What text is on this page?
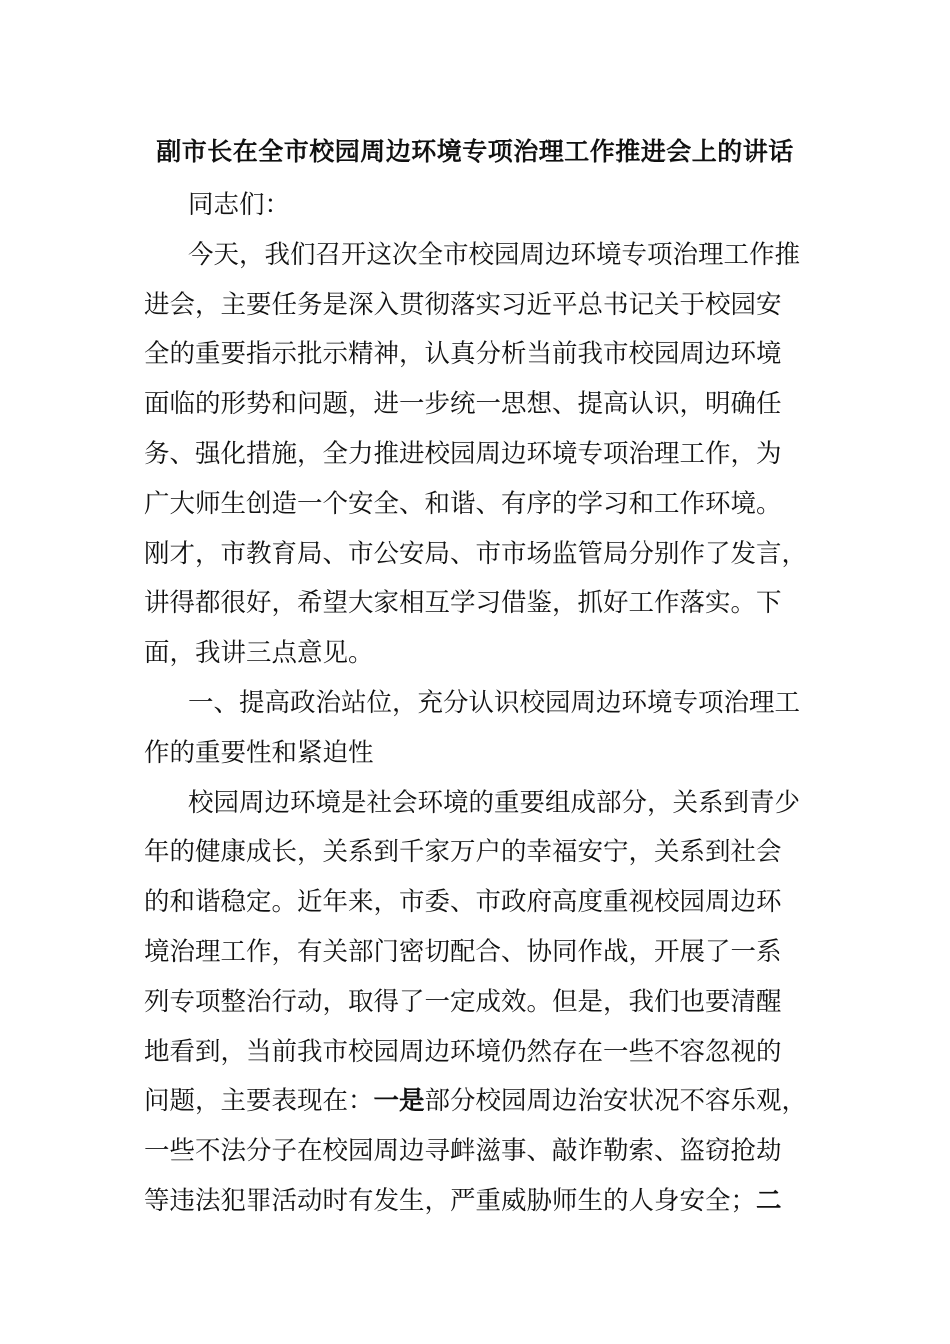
副市长在全市校园周边环境专项治理工作推进会上的讲话
同志们：
今天，我们召开这次全市校园周边环境专项治理工作推
进会，主要任务是深入贯彻落实习近平总书记关于校园安
全的重要指示批示精神，认真分析当前我市校园周边环境
面临的形势和问题，进一步统一思想、提高认识，明确任
务、强化措施，全力推进校园周边环境专项治理工作，为
广大师生创造一个安全、和谐、有序的学习和工作环境。
刚才，市教育局、市公安局、市市场监管局分别作了发言，
讲得都很好，希望大家相互学习借鉴，抓好工作落实。下
面，我讲三点意见。
一、提高政治站位，充分认识校园周边环境专项治理工
作的重要性和紧迫性
校园周边环境是社会环境的重要组成部分，关系到青少
年的健康成长，关系到千家万户的幸福安宁，关系到社会
的和谐稳定。近年来，市委、市政府高度重视校园周边环
境治理工作，有关部门密切配合、协同作战，开展了一系
列专项整治行动，取得了一定成效。但是，我们也要清醒
地看到，当前我市校园周边环境仍然存在一些不容忽视的
问题，主要表现在：一是部分校园周边治安状况不容乐观，
一些不法分子在校园周边寻衅滋事、敲诈勒索、盗窃抢劫
等违法犯罪活动时有发生，严重威胁师生的人身安全；二
